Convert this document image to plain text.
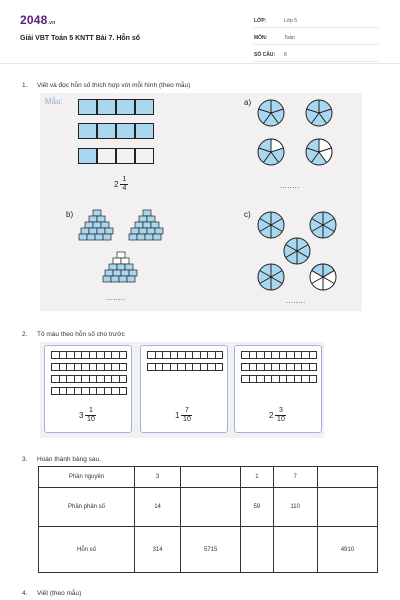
2048.vn
Giải VBT Toán 5 KNTT Bài 7. Hỗn số
LỚP:	Lớp 5
MÔN:	Toán
SỐ CÂU:	8
1. Viết và đọc hỗn số thích hợp với mỗi hình (theo mẫu)
Mẫu:
$2 \frac{1}{4}$
a)
........
b)
........
c)
........
2. Tô màu theo hỗn số cho trước
$3 \frac{1}{10}$	$1 \frac{7}{10}$	$2 \frac{3}{10}$
3. Hoàn thành bảng sau.
Phần nguyên	3		1	7	
Phần phân số	14		59	110	
Hỗn số	314	5715			4910
4. Viết (theo mẫu)
